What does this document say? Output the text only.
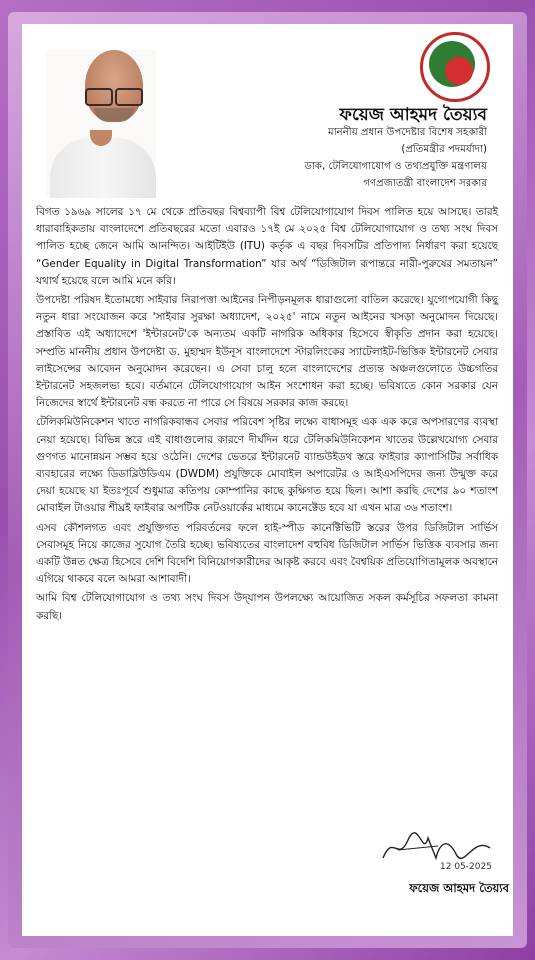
ফয়েজ আহমদ তৈয়্যব
মাননীয় প্রধান উপদেষ্টার বিশেষ সহকারী
(প্রতিমন্ত্রীর পদমর্যাদা)
ডাক, টেলিযোগাযোগ ও তথ্যপ্রযুক্তি মন্ত্রণালয়
গণপ্রজাতন্ত্রী বাংলাদেশ সরকার

বিগত ১৯৬৯ সালের ১৭ মে থেকে প্রতিবছর বিশ্বব্যাপী বিশ্ব টেলিযোগাযোগ দিবস পালিত হয়ে আসছে। তারই ধারাবাহিকতায় বাংলাদেশে প্রতিবছরের মতো এবারও ১৭ই মে ২০২৫ বিশ্ব টেলিযোগাযোগ ও তথ্য সংঘ দিবস পালিত হচ্ছে জেনে আমি আনন্দিত। আইটিইউ (ITU) কর্তৃক এ বছর দিবসটির প্রতিপাদ্য নির্ধারণ করা হয়েছে “Gender Equality in Digital Transformation” যার অর্থ “ডিজিটাল রূপান্তরে নারী-পুরুষের সমতায়ন” যথার্থ হয়েছে বলে আমি মনে করি।

উপদেষ্টা পরিষদ ইতোমধ্যে সাইবার নিরাপত্তা আইনের নিপীড়নমূলক ধারাগুলো বাতিল করেছে। যুগোপযোগী কিছু নতুন ধারা সংযোজন করে 'সাইবার সুরক্ষা অধ্যাদেশ, ২০২৫' নামে নতুন আইনের খসড়া অনুমোদন দিয়েছে। প্রস্তাবিত এই অধ্যাদেশে 'ইন্টারনেট'কে অন্যতম একটি নাগরিক অধিকার হিসেবে স্বীকৃতি প্রদান করা হয়েছে। সম্প্রতি মাননীয় প্রধান উপদেষ্টা ড. মুহাম্মদ ইউনূস বাংলাদেশে স্টারলিংকের স্যাটেলাইট-ভিত্তিক ইন্টারনেট সেবার লাইসেন্সের আবেদন অনুমোদন করেছেন। এ সেবা চালু হলে বাংলাদেশের প্রত্যন্ত অঞ্চলগুলোতে উচ্চগতির ইন্টারনেট সহজলভ্য হবে। বর্তমানে টেলিযোগাযোগ আইন সংশোধন করা হচ্ছে। ভবিষ্যতে কোন সরকার যেন নিজেদের স্বার্থে ইন্টারনেট বন্ধ করতে না পারে সে বিষয়ে সরকার কাজ করছে।

টেলিকমিউনিকেশন খাতে নাগরিকবান্ধব সেবার পরিবেশ সৃষ্টির লক্ষ্যে বাধাসমূহ এক এক করে অপসারণের ব্যবস্থা নেয়া হয়েছে। বিভিন্ন স্তরে এই বাধাগুলোর কারণে দীর্ঘদিন ধরে টেলিকমিউনিকেশন খাতের উল্লেখযোগ্য সেবার গুণগত মানোন্নয়ন সম্ভব হয়ে ওঠেনি। দেশের ভেতরে ইন্টারনেট ব্যান্ডউইডথ স্তরে ফাইবার ক্যাপাসিটির সর্বাধিক ব্যবহারের লক্ষ্যে ডিডাব্লিউডিএম (DWDM) প্রযুক্তিকে মোবাইল অপারেটর ও আইএসপিদের জন্য উন্মুক্ত করে দেয়া হয়েছে যা ইতঃপূর্বে শুধুমাত্র কতিপয় কোম্পানির কাছে কুক্ষিগত হয়ে ছিল। আশা করছি দেশের ৯০ শতাংশ মোবাইল টাওয়ার শীঘ্রই ফাইবার অপটিক নেটওয়ার্কের মাধ্যমে কানেক্টেড হবে যা এখন মাত্র ৩৬ শতাংশ।

এসব কৌশলগত এবং প্রযুক্তিগত পরিবর্তনের ফলে হাই-স্পীড কানেক্টিভিটি স্তরের উপর ডিজিটাল সার্ভিস সেবাসমূহ নিয়ে কাজের সুযোগ তৈরি হচ্ছে। ভবিষ্যতের বাংলাদেশ বহুবিধ ডিজিটাল সার্ভিস ভিত্তিক ব্যবসার জন্য একটি উন্নত ক্ষেত্র হিসেবে দেশি বিদেশি বিনিয়োগকারীদের আকৃষ্ট করবে এবং বৈশ্বয়িক প্রতিযোগিতামূলক অবস্থানে এগিয়ে থাকবে বলে আমরা আশাবাদী।

আমি বিশ্ব টেলিযোগাযোগ ও তথ্য সংঘ দিবস উদ্‌যাপন উপলক্ষ্যে আয়োজিত সকল কর্মসূচির সফলতা কামনা করছি।

12 05-2025
ফয়েজ আহমদ তৈয়্যব
